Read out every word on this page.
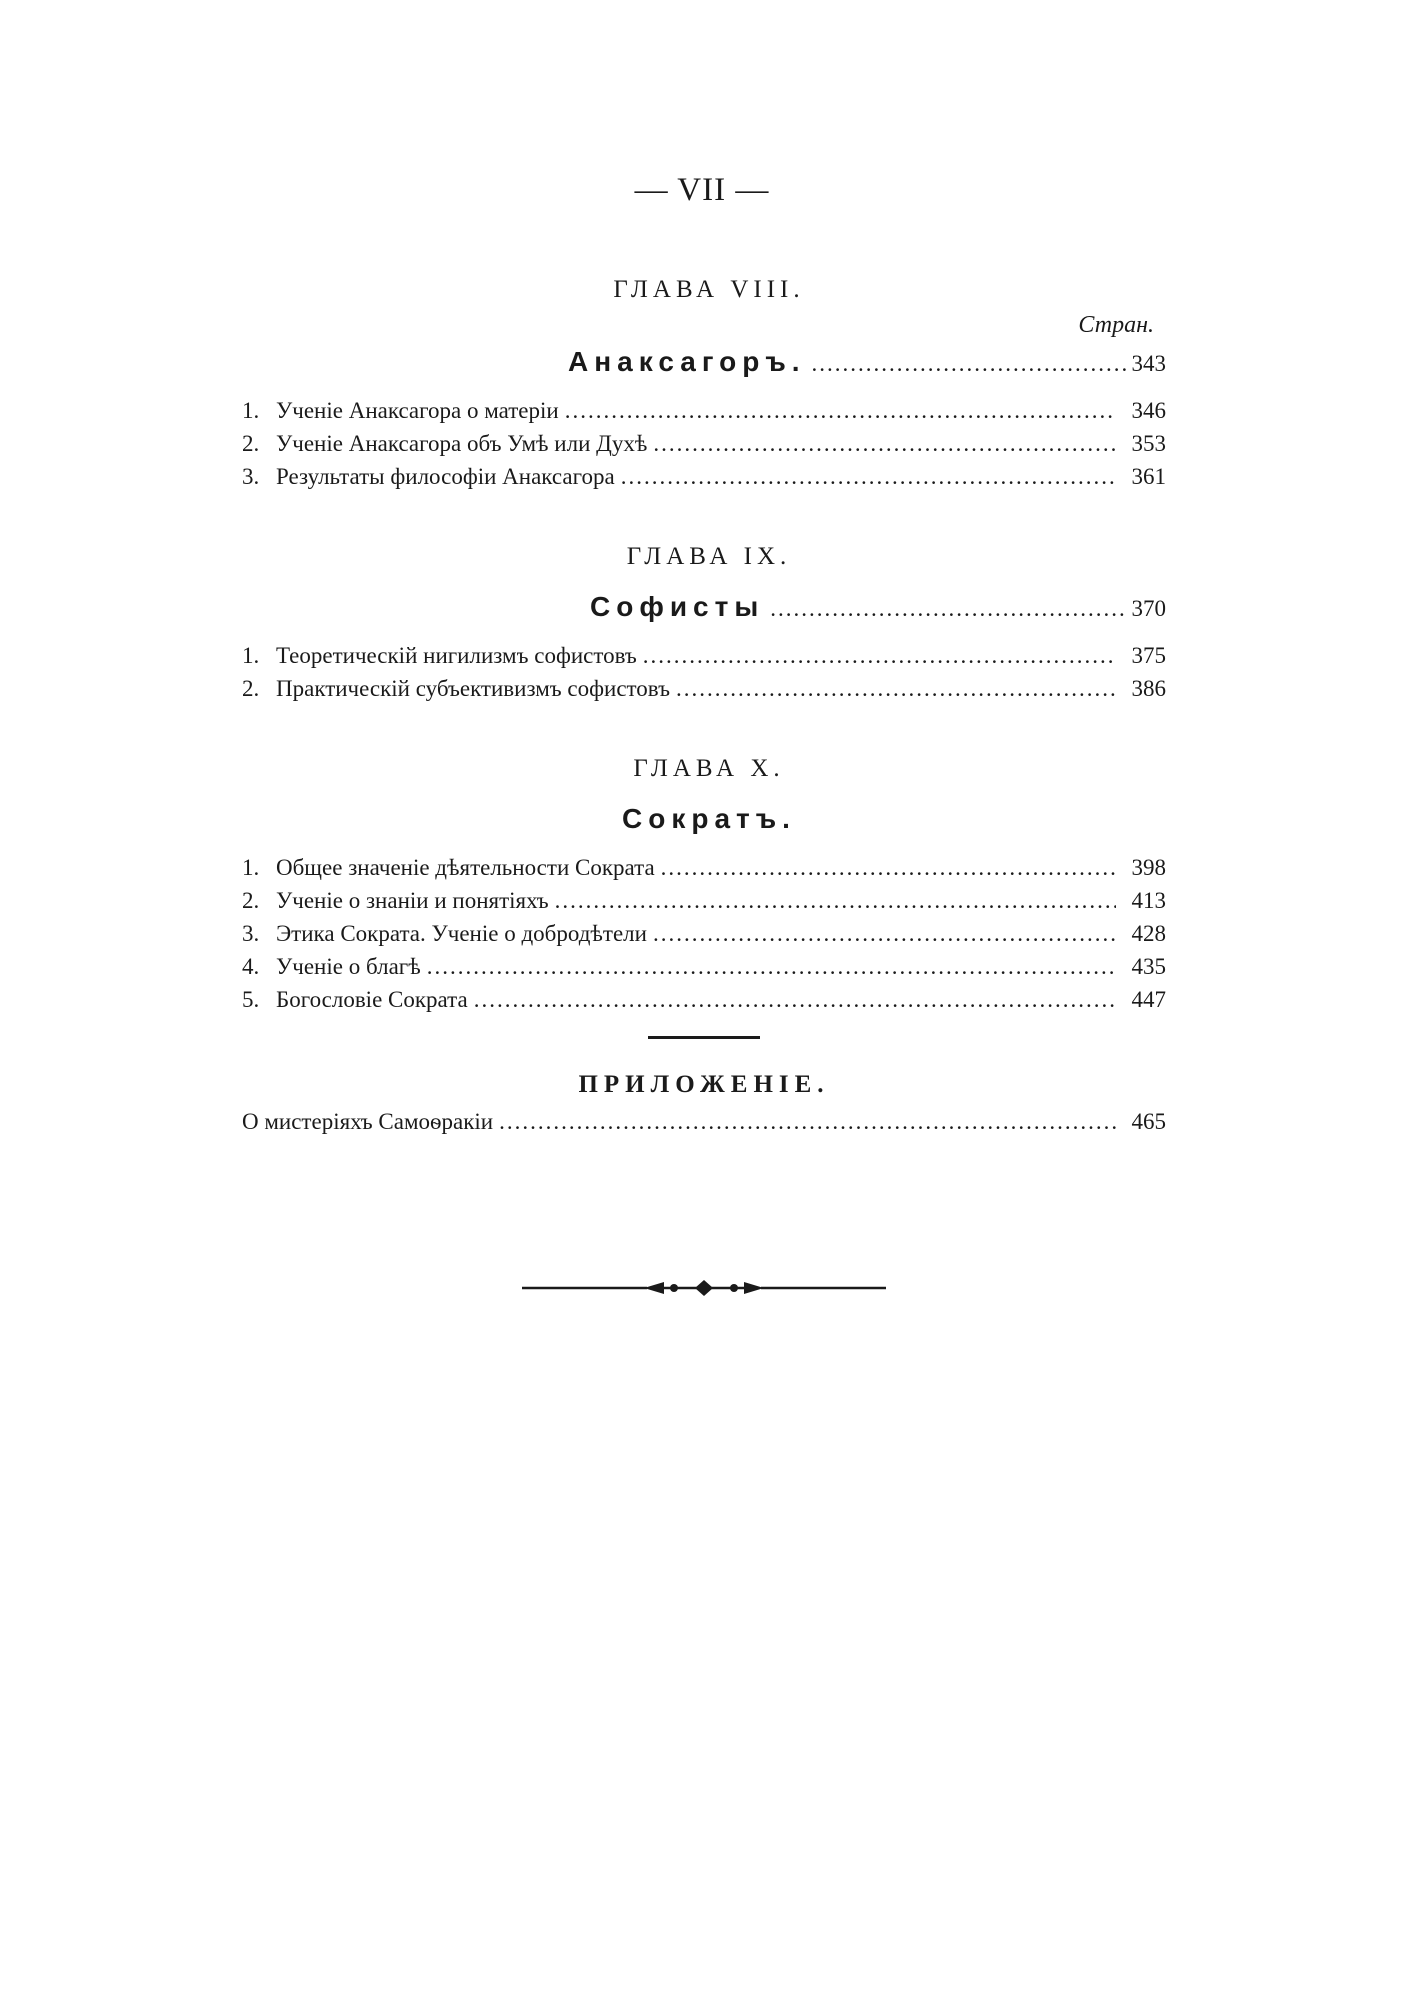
— VII —
ГЛАВА VIII.
Стран.
Анаксагоръ. .....	343
1. Ученіе Анаксагора о матеріи .....	346
2. Ученіе Анаксагора объ Умѣ или Духѣ .....	353
3. Результаты философіи Анаксагора .....	361
ГЛАВА IX.
Софисты .....	370
1. Теоретическій нигилизмъ софистовъ .....	375
2. Практическій субъективизмъ софистовъ .....	386
ГЛАВА X.
Сократъ.
1. Общее значеніе дѣятельности Сократа .....	398
2. Ученіе о знаніи и понятіяхъ .....	413
3. Этика Сократа. Ученіе о добродѣтели .....	428
4. Ученіе о благѣ .....	435
5. Богословіе Сократа .....	447
ПРИЛОЖЕНІЕ.
О мистеріяхъ Самоѳракіи .....	465
